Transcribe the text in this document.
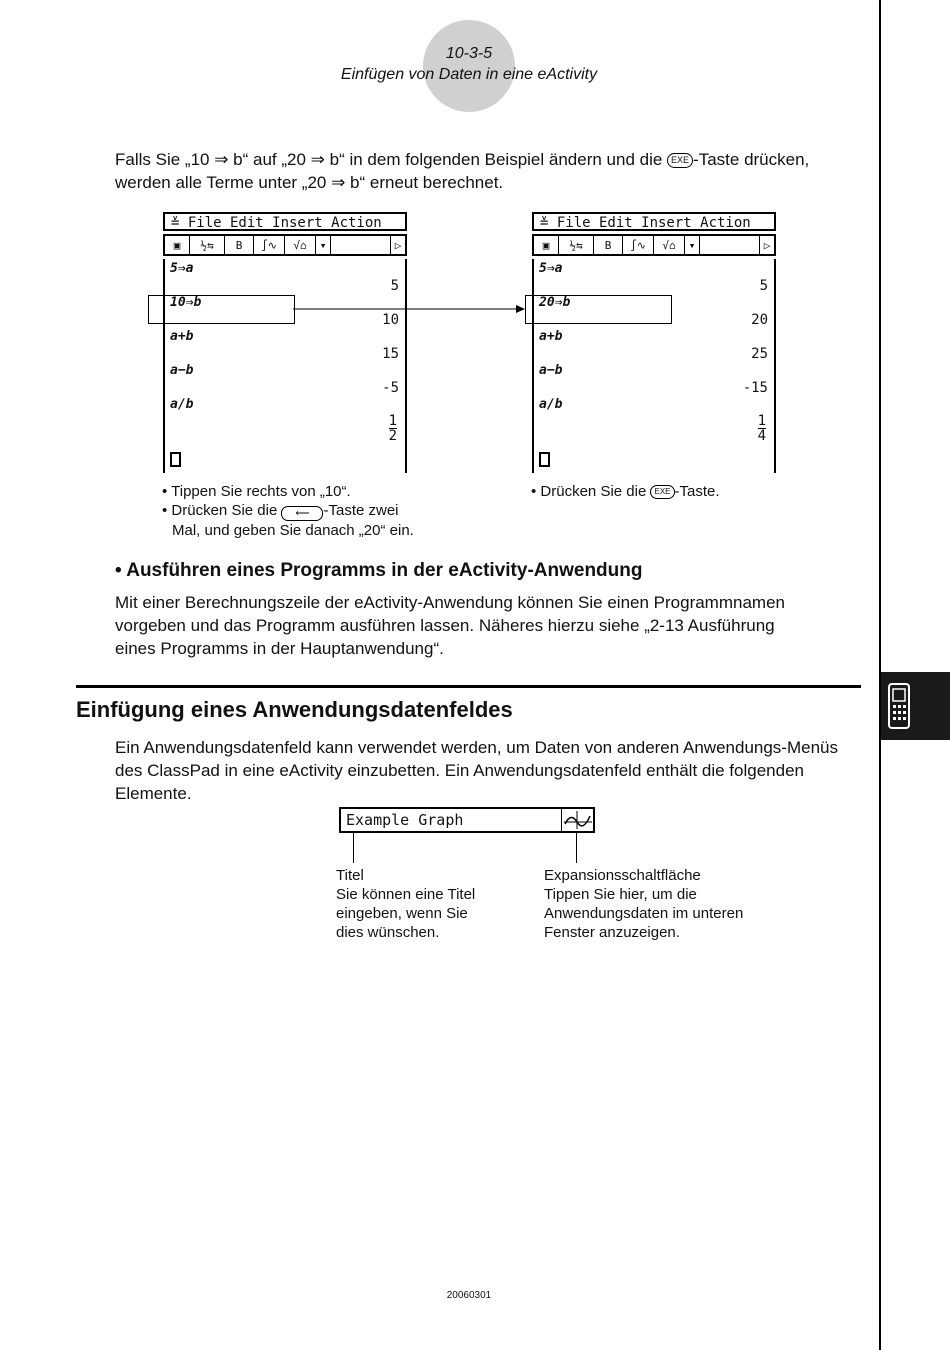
10-3-5
Einfügen von Daten in eine eActivity
Falls Sie „10 ⇒ b“ auf „20 ⇒ b“ in dem folgenden Beispiel ändern und die EXE -Taste drücken,
werden alle Terme unter „20 ⇒ b“ erneut berechnet.
≚ File Edit Insert Action
▣	½⇆	B	∫∿	√⌂	▾	▷
5⇒a
5
10⇒b
10
a+b
15
a−b
-5
a/b
$\frac{1}{2}$
≚ File Edit Insert Action
▣	½⇆	B	∫∿	√⌂	▾	▷
5⇒a
5
20⇒b
20
a+b
25
a−b
-15
a/b
$\frac{1}{4}$
• Tippen Sie rechts von „10“.
• Drücken Sie die ⟵ -Taste zwei
Mal, und geben Sie danach „20“ ein.
• Drücken Sie die EXE -Taste.
• Ausführen eines Programms in der eActivity-Anwendung
Mit einer Berechnungszeile der eActivity-Anwendung können Sie einen Programmnamen
vorgeben und das Programm ausführen lassen. Näheres hierzu siehe „2-13 Ausführung
eines Programms in der Hauptanwendung“.
Einfügung eines Anwendungsdatenfeldes
Ein Anwendungsdatenfeld kann verwendet werden, um Daten von anderen Anwendungs-Menüs
des ClassPad in eine eActivity einzubetten. Ein Anwendungsdatenfeld enthält die folgenden
Elemente.
Example Graph
Titel
Sie können eine Titel
eingeben, wenn Sie
dies wünschen.
Expansionsschaltfläche
Tippen Sie hier, um die
Anwendungsdaten im unteren
Fenster anzuzeigen.
20060301
